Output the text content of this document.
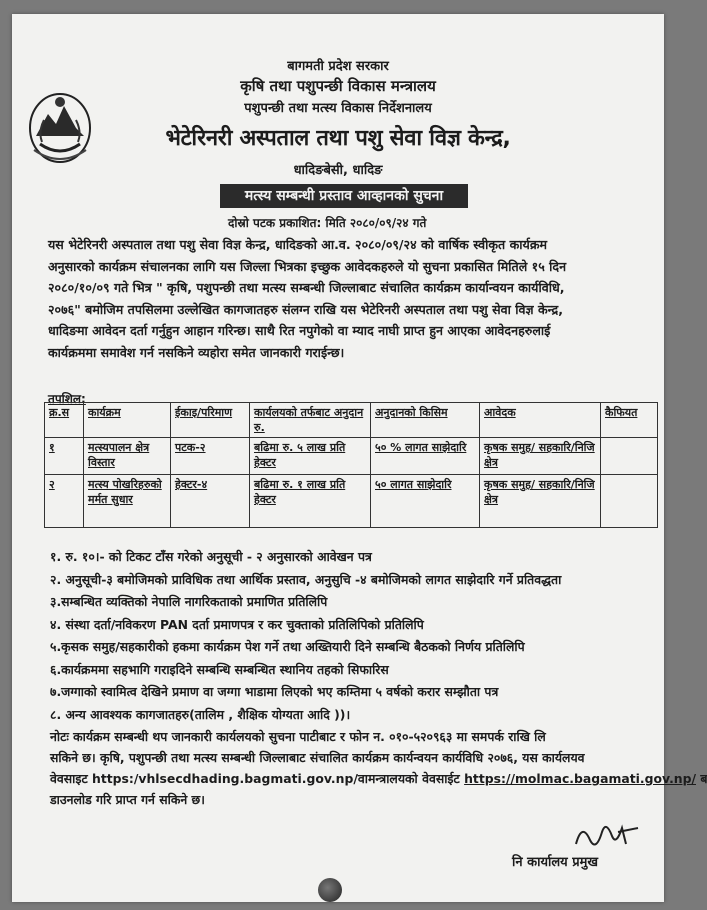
बागमती प्रदेश सरकार
कृषि तथा पशुपन्छी विकास मन्त्रालय
पशुपन्छी तथा मत्स्य विकास निर्देशनालय
भेटेरिनरी अस्पताल तथा पशु सेवा विज्ञ केन्द्र,
धादिङबेसी, धादिङ
मत्स्य सम्बन्धी प्रस्ताव आव्हानको सुचना
दोस्रो पटक प्रकाशित: मिति २०८०/०९/२४ गते
यस भेटेरिनरी अस्पताल तथा पशु सेवा विज्ञ केन्द्र, धादिङको आ.व. २०८०/०९/२४ को वार्षिक स्वीकृत कार्यक्रम
अनुसारको कार्यक्रम संचालनका लागि यस जिल्ला भित्रका इच्छुक आवेदकहरुले यो सुचना प्रकासित मितिले १५ दिन
२०८०/१०/०९ गते भित्र " कृषि, पशुपन्छी तथा मत्स्य सम्बन्धी जिल्लाबाट संचालित कार्यक्रम कार्यान्वयन कार्यविधि,
२०७६" बमोजिम तपसिलमा उल्लेखित कागजातहरु संलग्न राखि यस भेटेरिनरी अस्पताल तथा पशु सेवा विज्ञ केन्द्र,
धादिङमा आवेदन दर्ता गर्नुहुन आहान गरिन्छ। साथै रित नपुगेको वा म्याद नाघी प्राप्त हुन आएका आवेदनहरुलाई
कार्यक्रममा समावेश गर्न नसकिने व्यहोरा समेत जानकारी गराईन्छ।
तपशिल:
क्र.स	कार्यक्रम	ईकाइ/परिमाण	कार्यलयको तर्फबाट अनुदान रु.	अनुदानको किसिम	आवेदक	कैफियत
१	मत्स्यपालन क्षेत्र विस्तार	पटक-२	बढिमा रु. ५ लाख प्रति हेक्टर	५० % लागत साझेदारि	कृषक समुह/ सहकारि/निजि क्षेत्र	
२	मत्स्य पोखरिहरुको मर्मत सुधार	हेक्टर-४	बढिमा रु. १ लाख प्रति हेक्टर	५० लागत साझेदारि	कृषक समुह/ सहकारि/निजि क्षेत्र	
१. रु. १०।- को टिकट टाँस गरेको अनुसूची - २ अनुसारको आवेखन पत्र
२. अनुसूची-३ बमोजिमको प्राविधिक तथा आर्थिक प्रस्ताव, अनुसुचि -४ बमोजिमको लागत साझेदारि गर्ने प्रतिवद्धता
३.सम्बन्धित व्यक्तिको नेपालि नागरिकताको प्रमाणित प्रतिलिपि
४. संस्था दर्ता/नविकरण PAN दर्ता प्रमाणपत्र र कर चुक्ताको प्रतिलिपिको प्रतिलिपि
५.कृसक समुह/सहकारीको हकमा कार्यक्रम पेश गर्ने तथा अख्तियारी दिने सम्बन्धि बैठकको निर्णय प्रतिलिपि
६.कार्यक्रममा सहभागि गराइदिने सम्बन्धि सम्बन्धित स्थानिय तहको सिफारिस
७.जग्गाको स्वामित्व देखिने प्रमाण वा जग्गा भाडामा लिएको भए कम्तिमा ५ वर्षको करार सम्झौता पत्र
८. अन्य आवश्यक कागजातहरु(तालिम , शैक्षिक योग्यता आदि ))।
नोटः कार्यक्रम सम्बन्धी थप जानकारी कार्यलयको सुचना पाटीबाट र फोन न. ०१०-५२०९६३ मा समपर्क राखि लि
सकिने छ। कृषि, पशुपन्छी तथा मत्स्य सम्बन्धी जिल्लाबाट संचालित कार्यक्रम कार्यन्वयन कार्यविधि २०७६, यस कार्यलयव
वेवसाइट https:/vhlsecdhading.bagmati.gov.np/वामन्त्रालयको वेवसाईट https://molmac.bagamati.gov.np/ ब
डाउनलोड गरि प्राप्त गर्न सकिने छ।
नि कार्यालय प्रमुख
